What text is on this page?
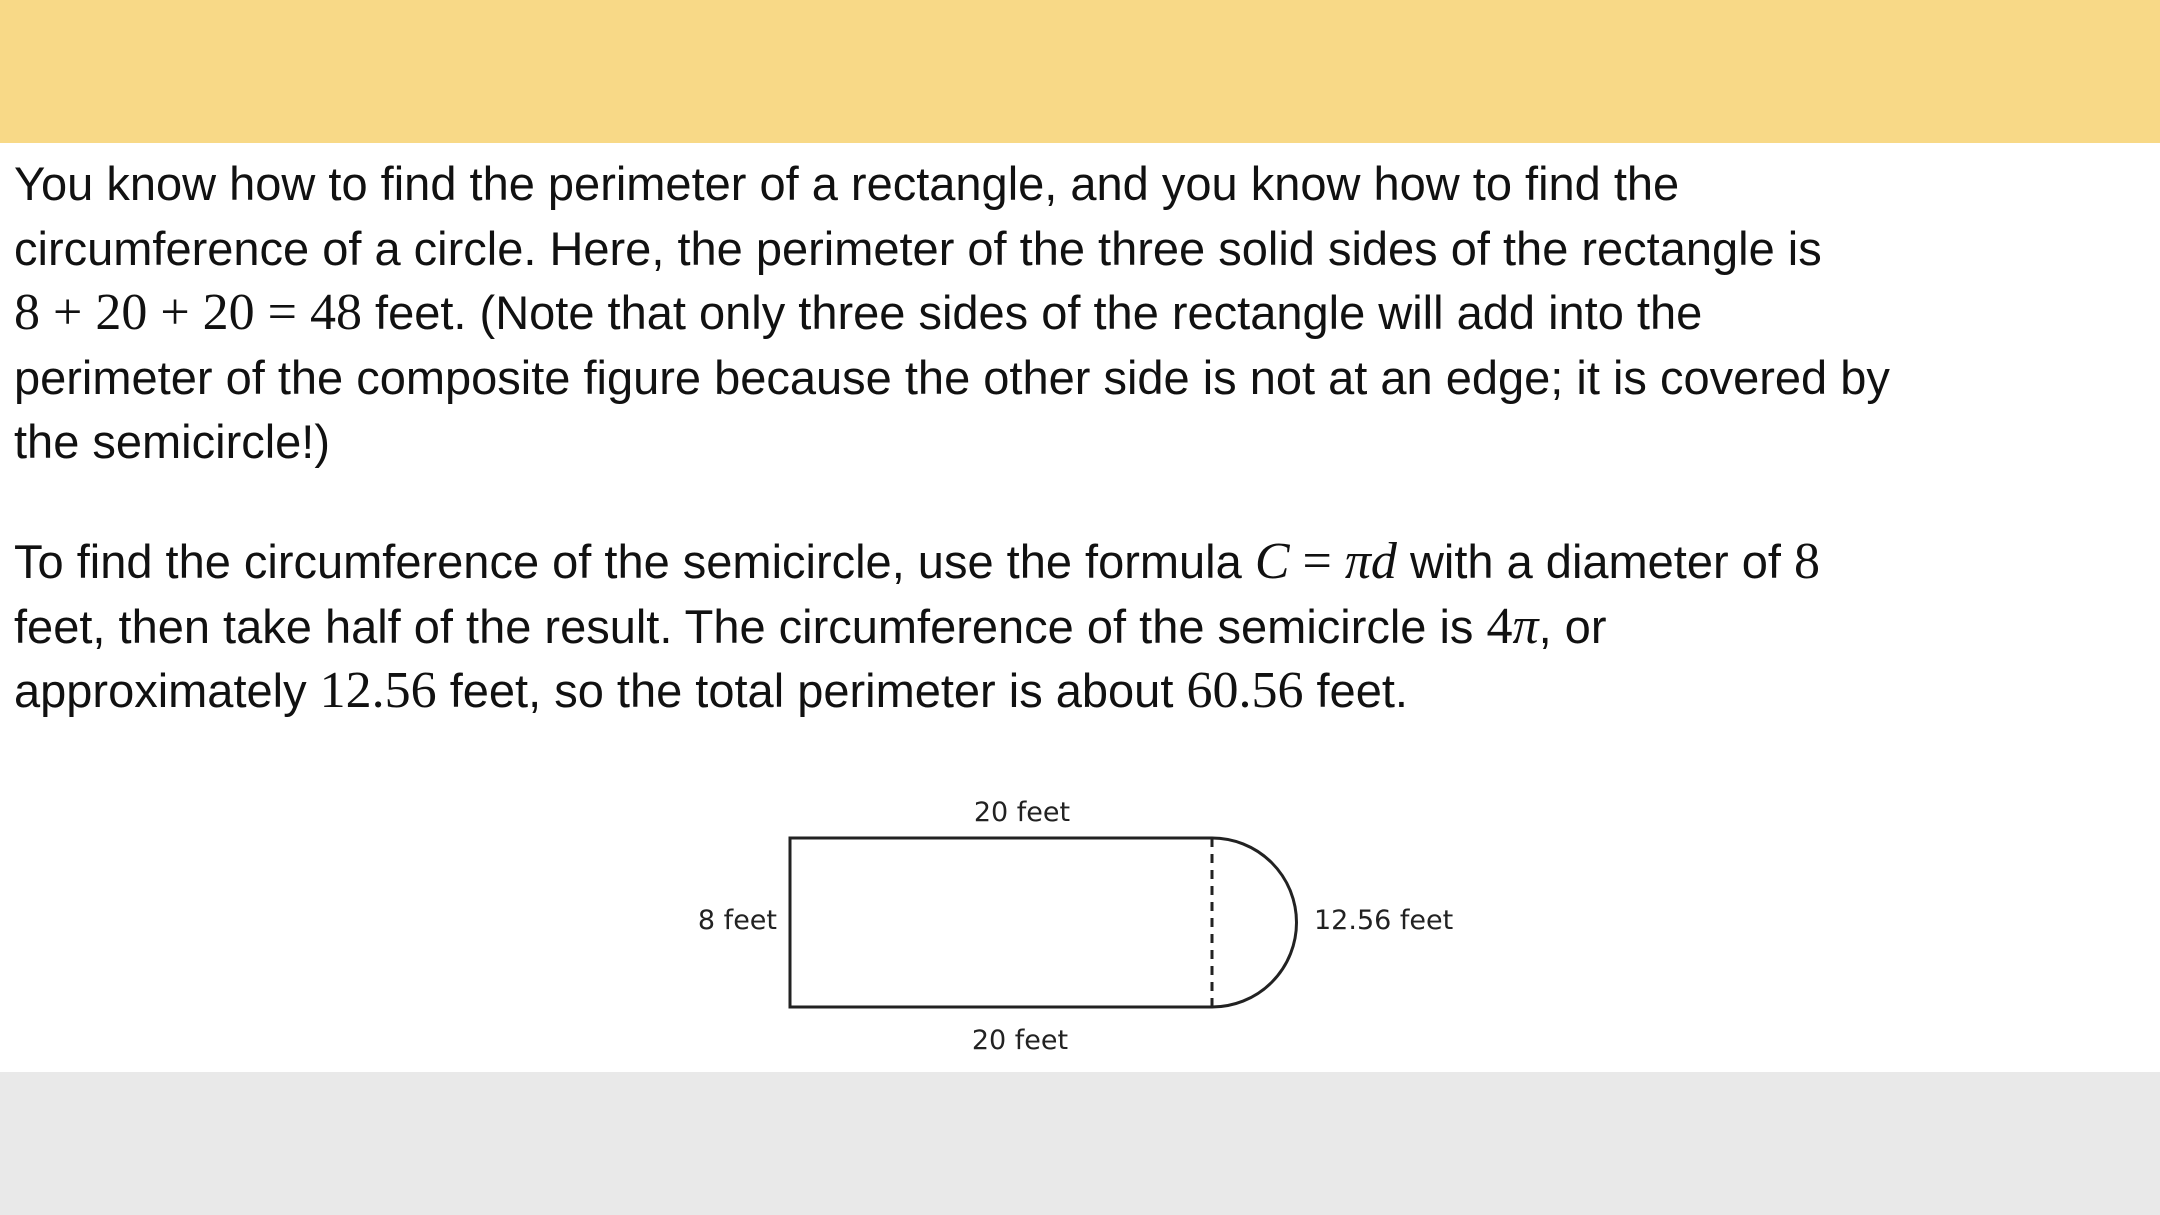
You know how to find the perimeter of a rectangle, and you know how to find the
circumference of a circle. Here, the perimeter of the three solid sides of the rectangle is
8 + 20 + 20 = 48 feet. (Note that only three sides of the rectangle will add into the
perimeter of the composite figure because the other side is not at an edge; it is covered by
the semicircle!)

To find the circumference of the semicircle, use the formula C = πd with a diameter of 8
feet, then take half of the result. The circumference of the semicircle is 4π, or
approximately 12.56 feet, so the total perimeter is about 60.56 feet.

20 feet
20 feet
8 feet	12.56 feet
